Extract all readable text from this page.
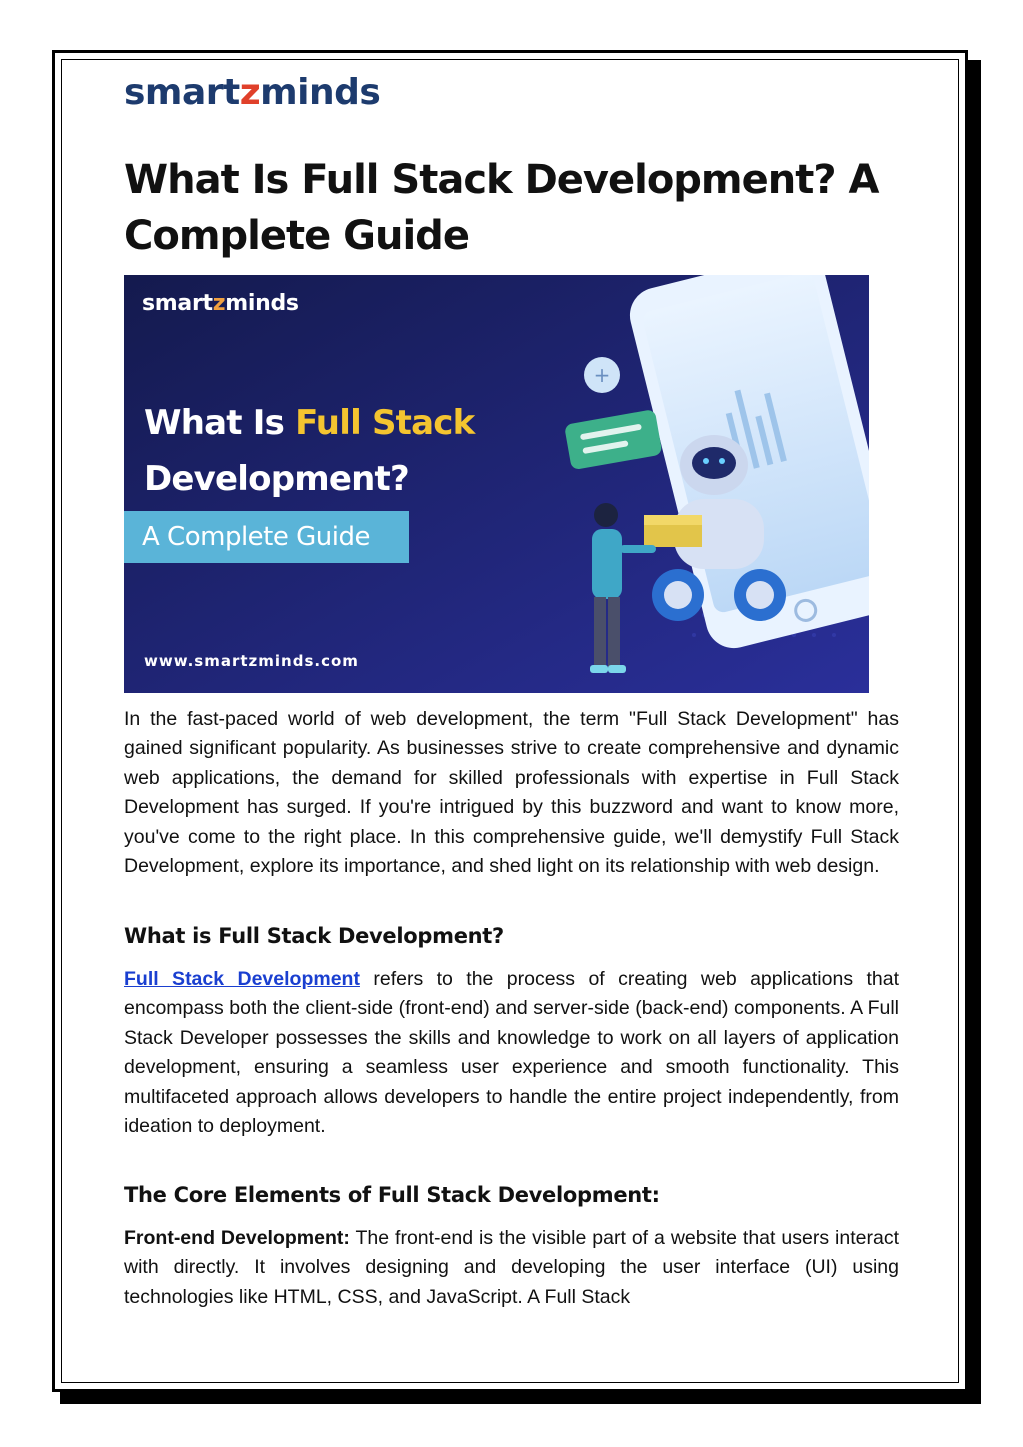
smartzminds
What Is Full Stack Development? A Complete Guide
+
smartzminds
What Is Full Stack
Development?
A Complete Guide
www.smartzminds.com

In the fast-paced world of web development, the term "Full Stack Development" has gained significant popularity. As businesses strive to create comprehensive and dynamic web applications, the demand for skilled professionals with expertise in Full Stack Development has surged. If you're intrigued by this buzzword and want to know more, you've come to the right place. In this comprehensive guide, we'll demystify Full Stack Development, explore its importance, and shed light on its relationship with web design.

What is Full Stack Development?

Full Stack Development refers to the process of creating web applications that encompass both the client-side (front-end) and server-side (back-end) components. A Full Stack Developer possesses the skills and knowledge to work on all layers of application development, ensuring a seamless user experience and smooth functionality. This multifaceted approach allows developers to handle the entire project independently, from ideation to deployment.

The Core Elements of Full Stack Development:

Front-end Development: The front-end is the visible part of a website that users interact with directly. It involves designing and developing the user interface (UI) using technologies like HTML, CSS, and JavaScript. A Full Stack
